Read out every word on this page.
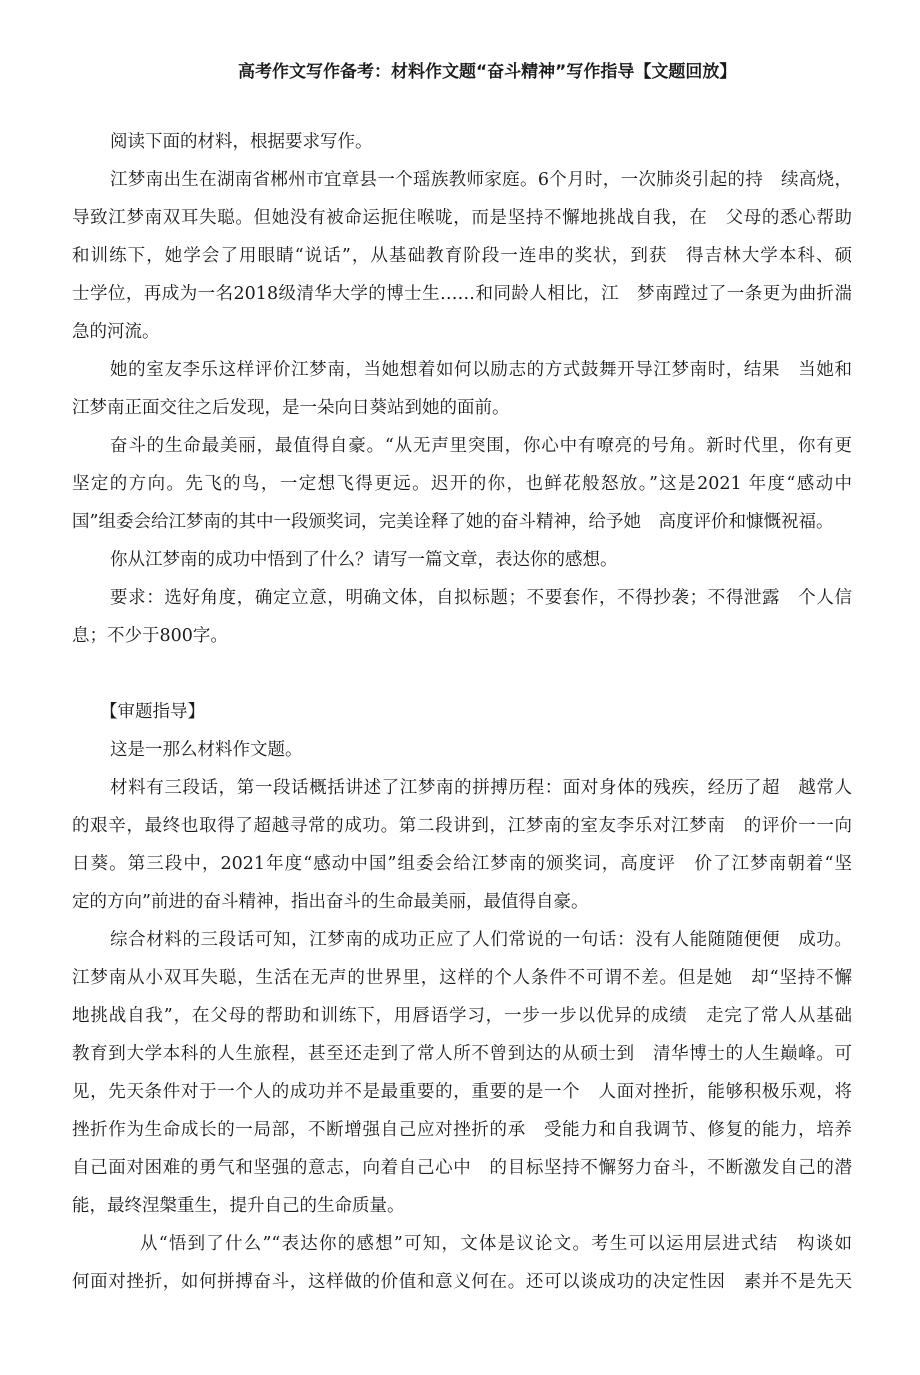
高考作文写作备考：材料作文题“奋斗精神”写作指导【文题回放】
阅读下面的材料，根据要求写作。
江梦南出生在湖南省郴州市宜章县一个瑶族教师家庭。6个月时，一次肺炎引起的持　续高烧，
导致江梦南双耳失聪。但她没有被命运扼住喉咙，而是坚持不懈地挑战自我，在　父母的悉心帮助
和训练下，她学会了用眼睛“说话”，从基础教育阶段一连串的奖状，到获　得吉林大学本科、硕
士学位，再成为一名2018级清华大学的博士生……和同龄人相比，江　梦南蹚过了一条更为曲折湍
急的河流。
她的室友李乐这样评价江梦南，当她想着如何以励志的方式鼓舞开导江梦南时，结果　当她和
江梦南正面交往之后发现，是一朵向日葵站到她的面前。
奋斗的生命最美丽，最值得自豪。“从无声里突围，你心中有嘹亮的号角。新时代里，你有更
坚定的方向。先飞的鸟，一定想飞得更远。迟开的你，也鲜花般怒放。”这是2021 年度“感动中
国”组委会给江梦南的其中一段颁奖词，完美诠释了她的奋斗精神，给予她　高度评价和慷慨祝福。
你从江梦南的成功中悟到了什么？请写一篇文章，表达你的感想。
要求：选好角度，确定立意，明确文体，自拟标题；不要套作，不得抄袭；不得泄露　个人信
息；不少于800字。
【审题指导】
这是一那么材料作文题。
材料有三段话，第一段话概括讲述了江梦南的拼搏历程：面对身体的残疾，经历了超　越常人
的艰辛，最终也取得了超越寻常的成功。第二段讲到，江梦南的室友李乐对江梦南　的评价一一向
日葵。第三段中，2021年度“感动中国”组委会给江梦南的颁奖词，高度评　价了江梦南朝着“坚
定的方向”前进的奋斗精神，指出奋斗的生命最美丽，最值得自豪。
综合材料的三段话可知，江梦南的成功正应了人们常说的一句话：没有人能随随便便　成功。
江梦南从小双耳失聪，生活在无声的世界里，这样的个人条件不可谓不差。但是她　却“坚持不懈
地挑战自我”，在父母的帮助和训练下，用唇语学习，一步一步以优异的成绩　走完了常人从基础
教育到大学本科的人生旅程，甚至还走到了常人所不曾到达的从硕士到　清华博士的人生巅峰。可
见，先天条件对于一个人的成功并不是最重要的，重要的是一个　人面对挫折，能够积极乐观，将
挫折作为生命成长的一局部，不断增强自己应对挫折的承　受能力和自我调节、修复的能力，培养
自己面对困难的勇气和坚强的意志，向着自己心中　的目标坚持不懈努力奋斗，不断激发自己的潜
能，最终涅槃重生，提升自己的生命质量。
从“悟到了什么”“表达你的感想”可知，文体是议论文。考生可以运用层进式结　构谈如
何面对挫折，如何拼搏奋斗，这样做的价值和意义何在。还可以谈成功的决定性因　素并不是先天
